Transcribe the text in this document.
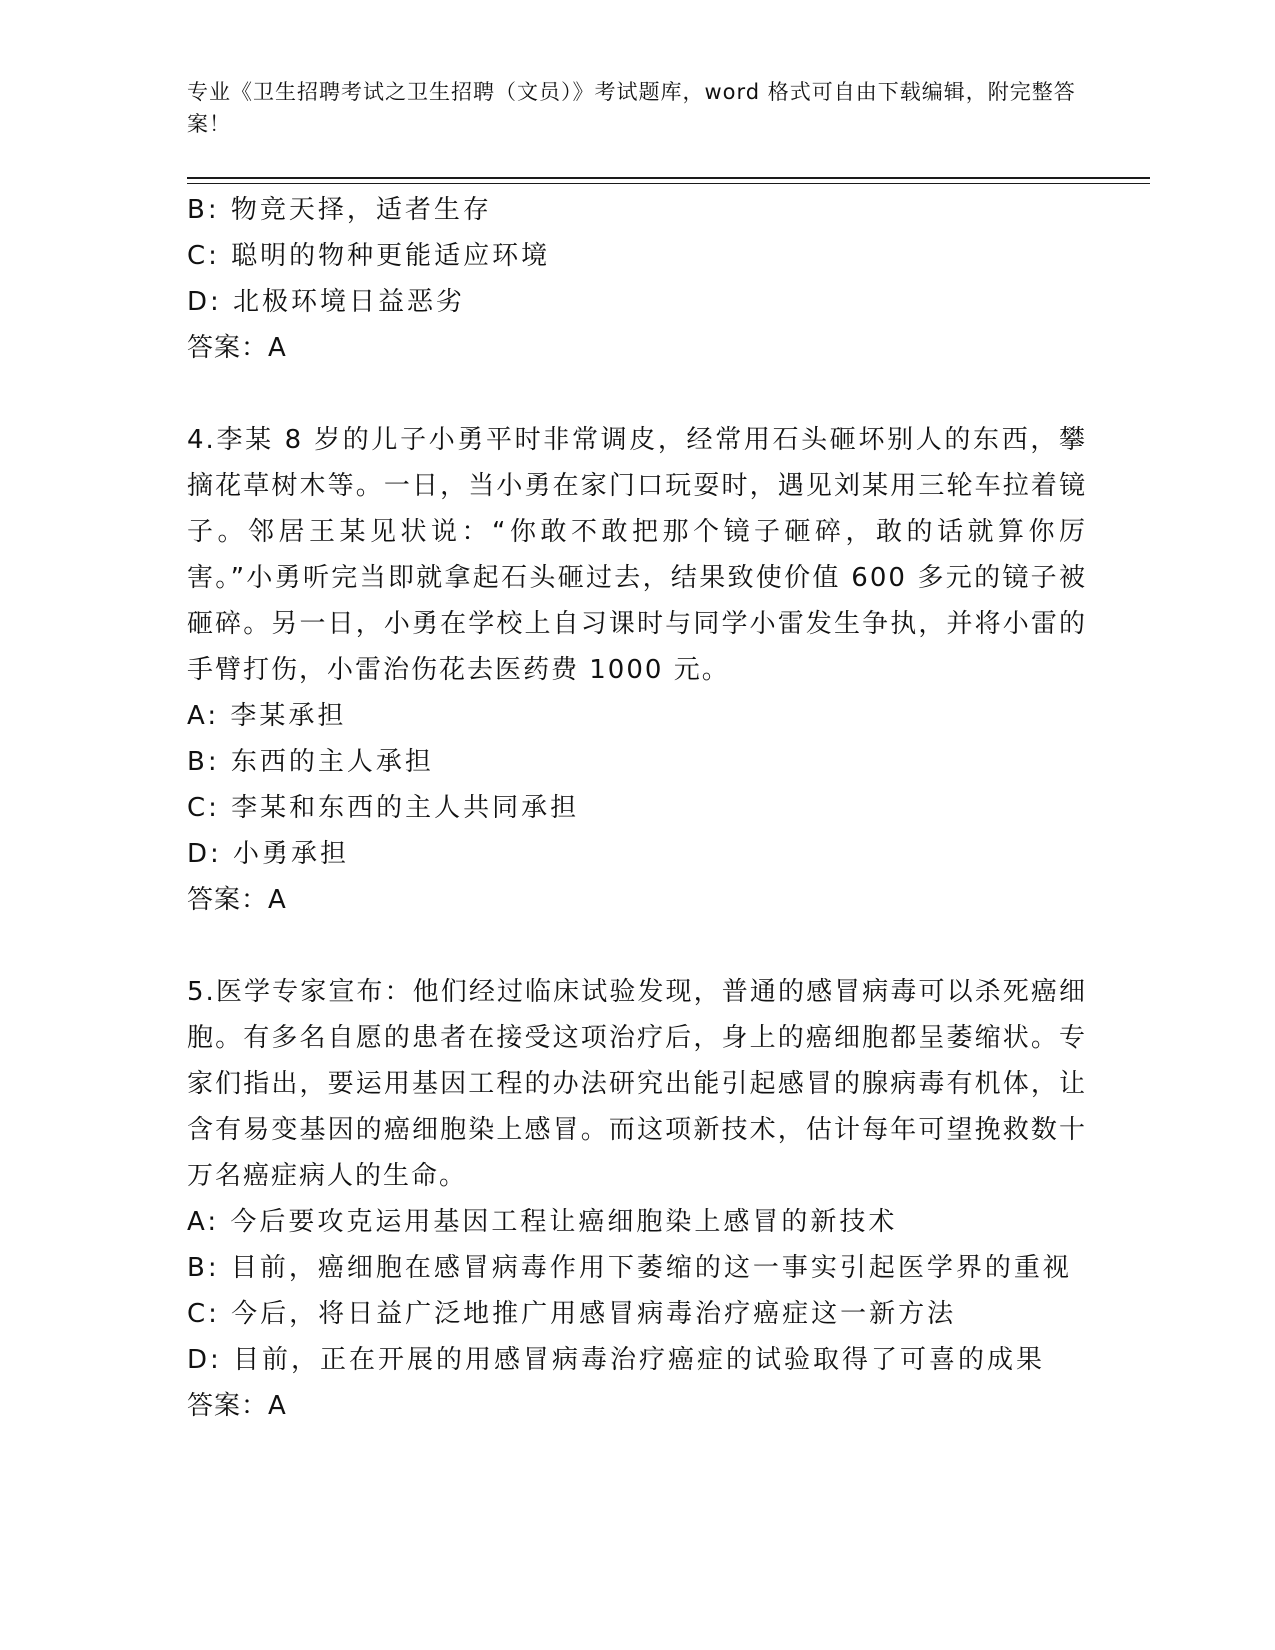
专业《卫生招聘考试之卫生招聘（文员）》考试题库，word 格式可自由下载编辑，附完整答案！

B: 物竞天择，适者生存

C: 聪明的物种更能适应环境

D: 北极环境日益恶劣

答案：A

4.李某 8 岁的儿子小勇平时非常调皮，经常用石头砸坏别人的东西，攀摘花草树木等。一日，当小勇在家门口玩耍时，遇见刘某用三轮车拉着镜子。邻居王某见状说：“你敢不敢把那个镜子砸碎，敢的话就算你厉害。”小勇听完当即就拿起石头砸过去，结果致使价值 600 多元的镜子被砸碎。另一日，小勇在学校上自习课时与同学小雷发生争执，并将小雷的手臂打伤，小雷治伤花去医药费 1000 元。

A: 李某承担

B: 东西的主人承担

C: 李某和东西的主人共同承担

D: 小勇承担

答案：A

5.医学专家宣布：他们经过临床试验发现，普通的感冒病毒可以杀死癌细胞。有多名自愿的患者在接受这项治疗后，身上的癌细胞都呈萎缩状。专家们指出，要运用基因工程的办法研究出能引起感冒的腺病毒有机体，让含有易变基因的癌细胞染上感冒。而这项新技术，估计每年可望挽救数十万名癌症病人的生命。

A: 今后要攻克运用基因工程让癌细胞染上感冒的新技术

B: 目前，癌细胞在感冒病毒作用下萎缩的这一事实引起医学界的重视

C: 今后，将日益广泛地推广用感冒病毒治疗癌症这一新方法

D: 目前，正在开展的用感冒病毒治疗癌症的试验取得了可喜的成果

答案：A
